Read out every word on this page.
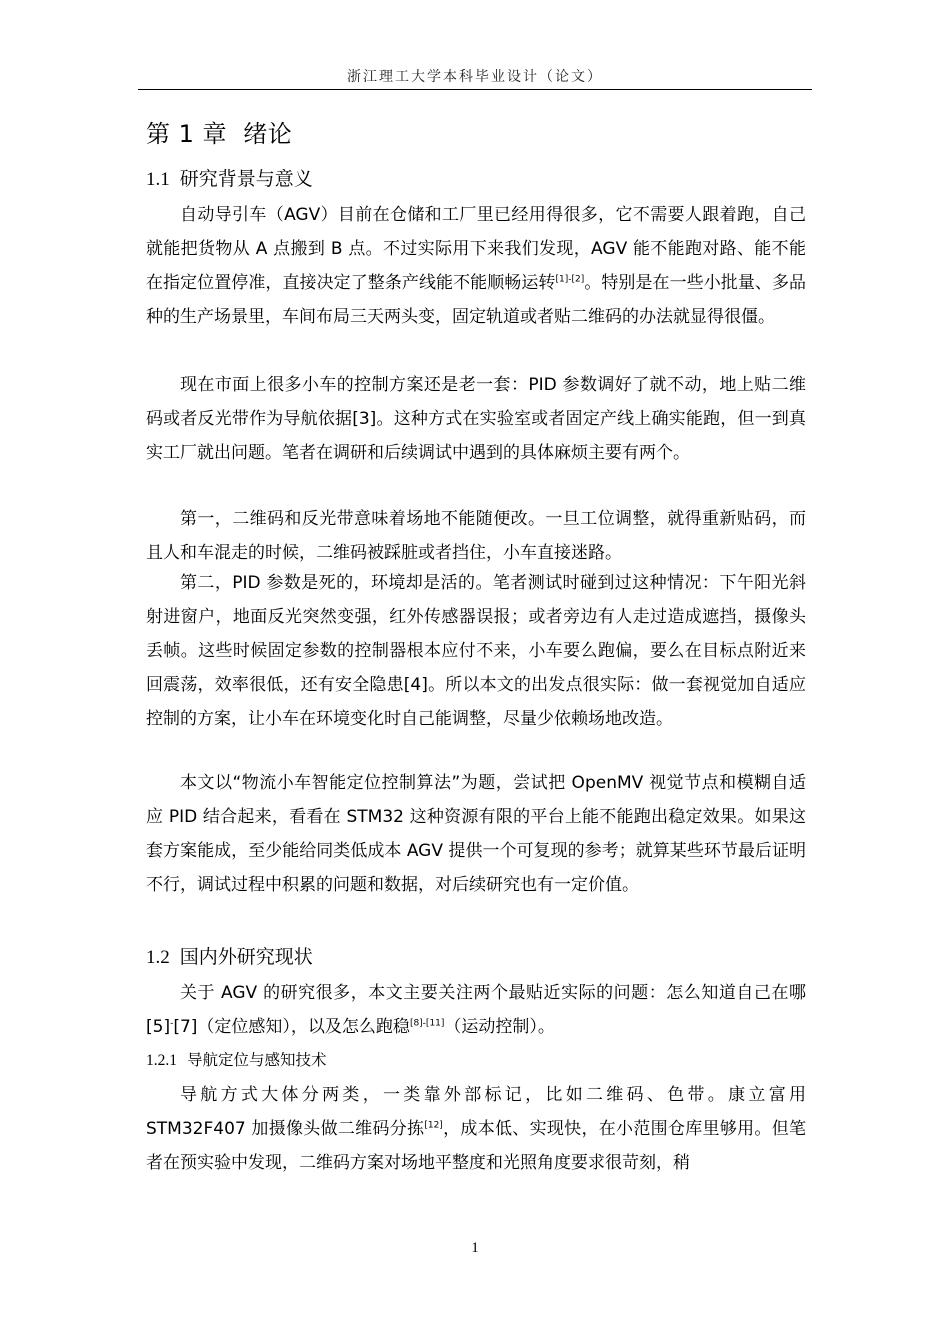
浙江理工大学本科毕业设计（论文）
第 1 章 绪论
1.1 研究背景与意义
自动导引车（AGV）目前在仓储和工厂里已经用得很多，它不需要人跟着跑，自己就能把货物从 A 点搬到 B 点。不过实际用下来我们发现，AGV 能不能跑对路、能不能在指定位置停准，直接决定了整条产线能不能顺畅运转[1]-[2]。特别是在一些小批量、多品种的生产场景里，车间布局三天两头变，固定轨道或者贴二维码的办法就显得很僵。
现在市面上很多小车的控制方案还是老一套：PID 参数调好了就不动，地上贴二维码或者反光带作为导航依据[3]。这种方式在实验室或者固定产线上确实能跑，但一到真实工厂就出问题。笔者在调研和后续调试中遇到的具体麻烦主要有两个。
第一，二维码和反光带意味着场地不能随便改。一旦工位调整，就得重新贴码，而且人和车混走的时候，二维码被踩脏或者挡住，小车直接迷路。
第二，PID 参数是死的，环境却是活的。笔者测试时碰到过这种情况：下午阳光斜射进窗户，地面反光突然变强，红外传感器误报；或者旁边有人走过造成遮挡，摄像头丢帧。这些时候固定参数的控制器根本应付不来，小车要么跑偏，要么在目标点附近来回震荡，效率很低，还有安全隐患[4]。所以本文的出发点很实际：做一套视觉加自适应控制的方案，让小车在环境变化时自己能调整，尽量少依赖场地改造。
本文以“物流小车智能定位控制算法”为题，尝试把 OpenMV 视觉节点和模糊自适应 PID 结合起来，看看在 STM32 这种资源有限的平台上能不能跑出稳定效果。如果这套方案能成，至少能给同类低成本 AGV 提供一个可复现的参考；就算某些环节最后证明不行，调试过程中积累的问题和数据，对后续研究也有一定价值。
1.2 国内外研究现状
关于 AGV 的研究很多，本文主要关注两个最贴近实际的问题：怎么知道自己在哪[5]-[7]（定位感知），以及怎么跑稳[8]-[11]（运动控制）。
1.2.1 导航定位与感知技术
导航方式大体分两类，一类靠外部标记，比如二维码、色带。康立富用 STM32F407 加摄像头做二维码分拣[12]，成本低、实现快，在小范围仓库里够用。但笔者在预实验中发现，二维码方案对场地平整度和光照角度要求很苛刻，稍
1
